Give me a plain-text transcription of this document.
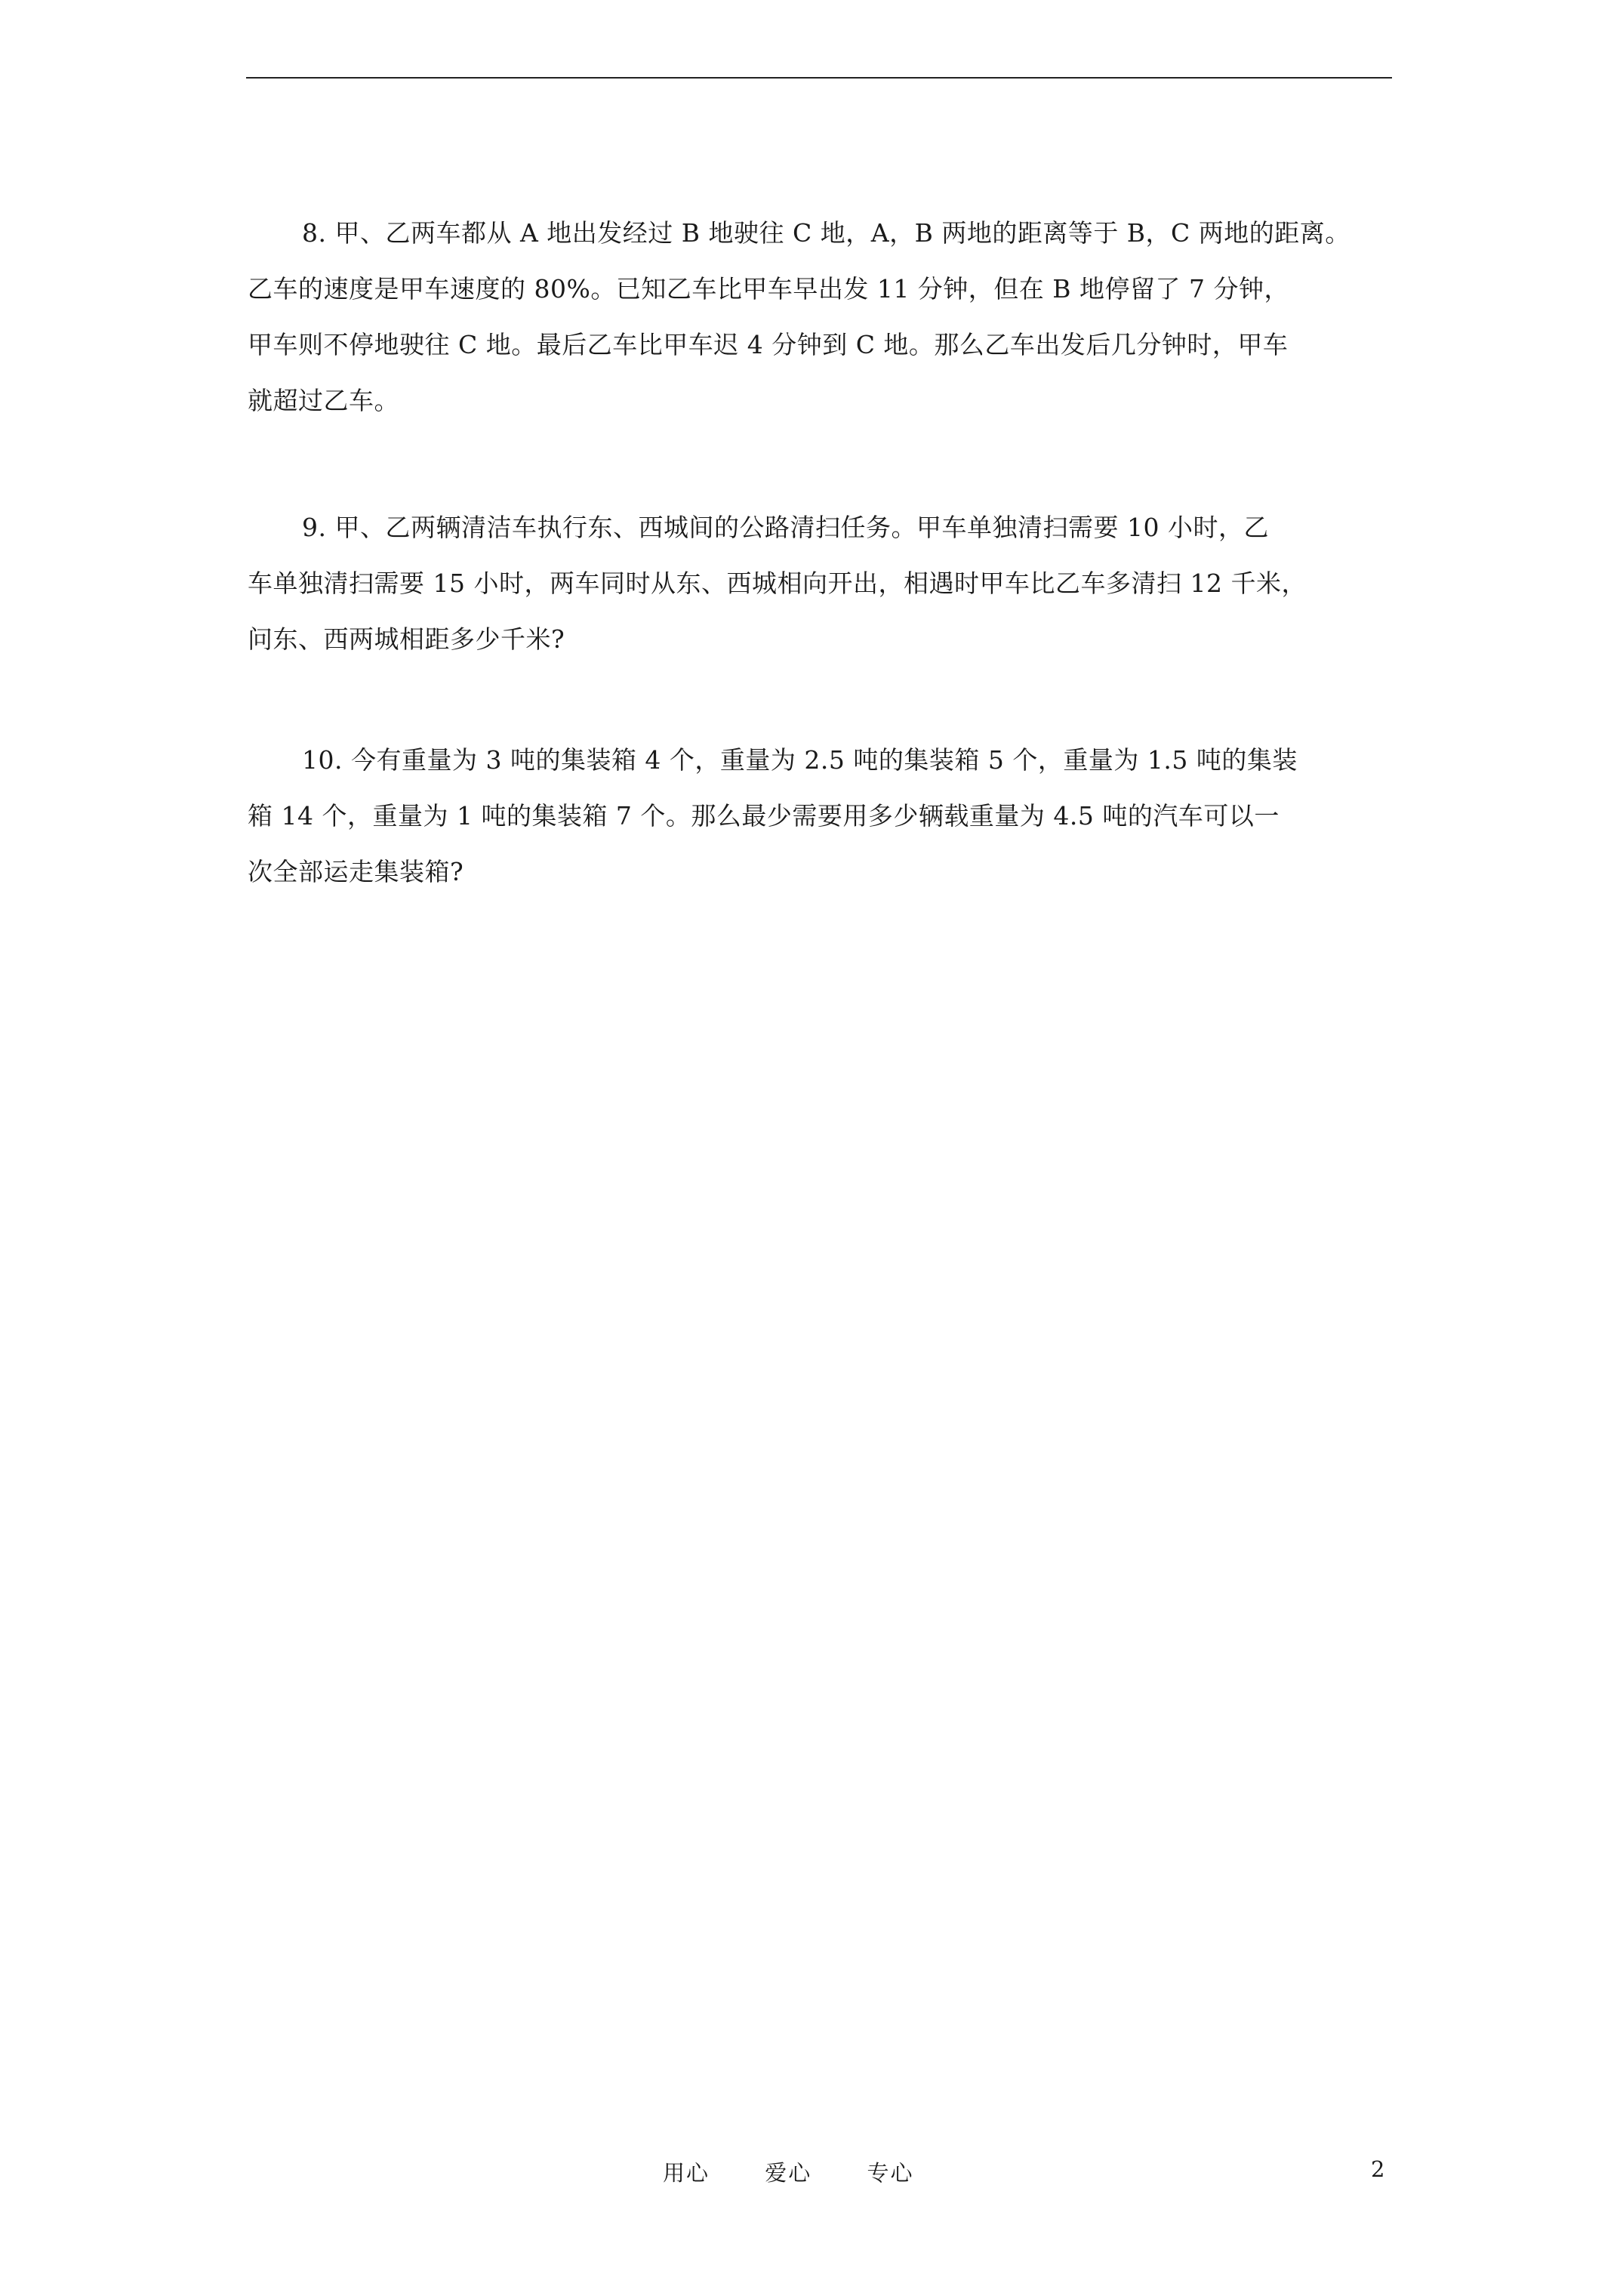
8. 甲、乙两车都从 A 地出发经过 B 地驶往 C 地，A，B 两地的距离等于 B，C 两地的距离。
乙车的速度是甲车速度的 80%。已知乙车比甲车早出发 11 分钟，但在 B 地停留了 7 分钟，
甲车则不停地驶往 C 地。最后乙车比甲车迟 4 分钟到 C 地。那么乙车出发后几分钟时，甲车
就超过乙车。
9. 甲、乙两辆清洁车执行东、西城间的公路清扫任务。甲车单独清扫需要 10 小时，乙
车单独清扫需要 15 小时，两车同时从东、西城相向开出，相遇时甲车比乙车多清扫 12 千米，
问东、西两城相距多少千米?
10. 今有重量为 3 吨的集装箱 4 个，重量为 2.5 吨的集装箱 5 个，重量为 1.5 吨的集装
箱 14 个，重量为 1 吨的集装箱 7 个。那么最少需要用多少辆载重量为 4.5 吨的汽车可以一
次全部运走集装箱?
用心	爱心	专心	2
